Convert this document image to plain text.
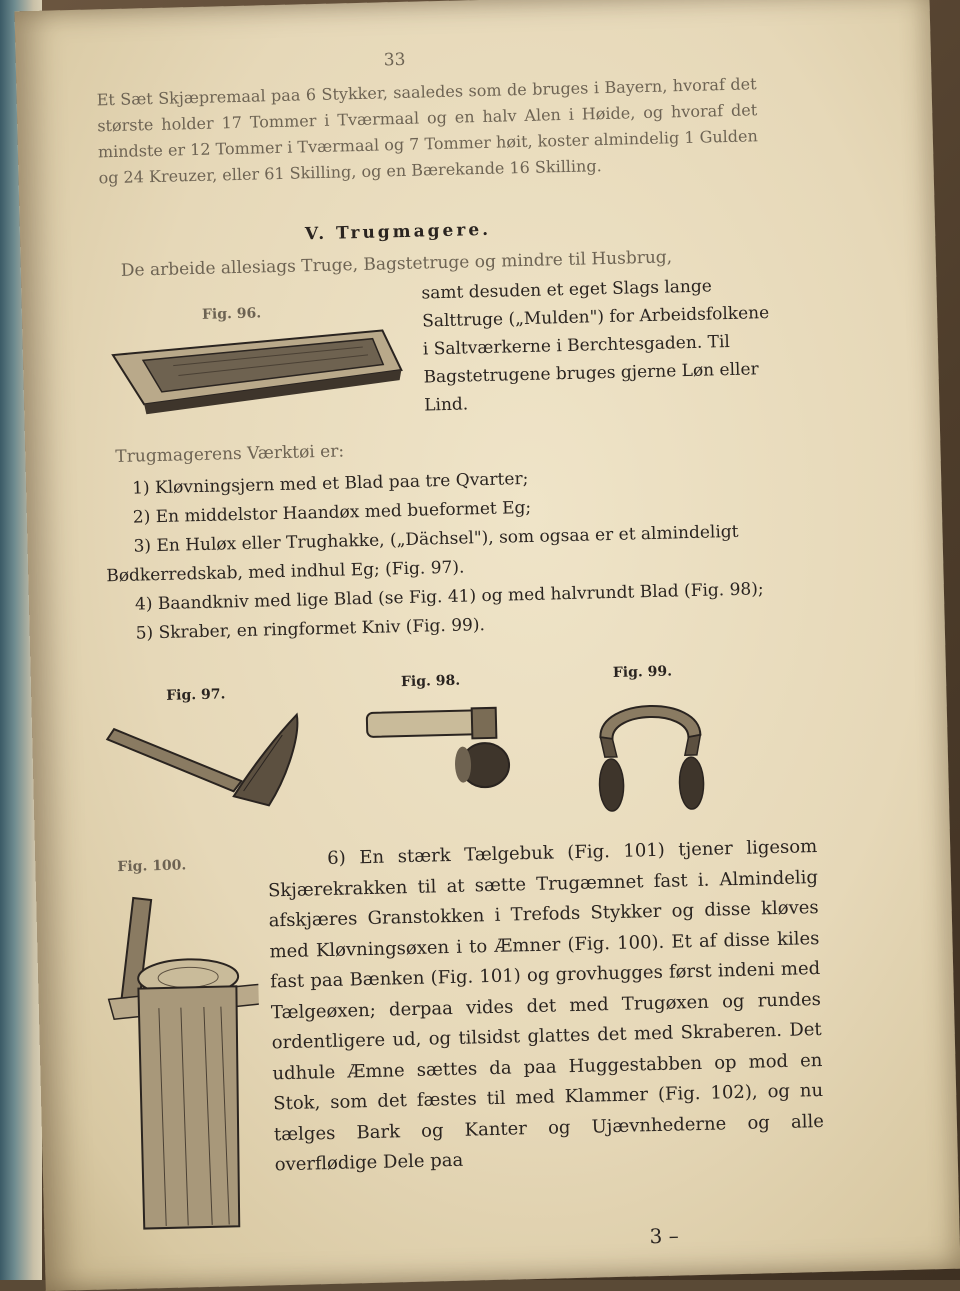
33
Et Sæt Skjæpremaal paa 6 Stykker, saaledes som de bruges i Bayern, hvoraf det største holder 17 Tommer i Tværmaal og en halv Alen i Høide, og hvoraf det mindste er 12 Tommer i Tværmaal og 7 Tommer høit, koster almindelig 1 Gulden og 24 Kreuzer, eller 61 Skilling, og en Bærekande 16 Skilling.
V. Trugmagere.
De arbeide allesiags Truge, Bagstetruge og mindre til Husbrug,
samt desuden et eget Slags lange Salttruge („Mulden") for Arbeidsfolkene i Saltværkerne i Berchtesgaden. Til Bagstetrugene bruges gjerne Løn eller Lind.
Fig. 96.
Trugmagerens Værktøi er:
1) Kløvningsjern med et Blad paa tre Qvarter;
2) En middelstor Haandøx med bueformet Eg;
3) En Huløx eller Trughakke, („Dächsel"), som ogsaa er et almindeligt Bødkerredskab, med indhul Eg; (Fig. 97).
4) Baandkniv med lige Blad (se Fig. 41) og med halvrundt Blad (Fig. 98);
5) Skraber, en ringformet Kniv (Fig. 99).
Fig. 97.
Fig. 98.
Fig. 99.
Fig. 100.	6) En stærk Tælgebuk (Fig. 101) tjener ligesom Skjærekrakken til at sætte Trugæmnet fast i. Almindelig afskjæres Granstokken i Trefods Stykker og disse kløves med Kløvningsøxen i to Æmner (Fig. 100). Et af disse kiles fast paa Bænken (Fig. 101) og grovhugges først indeni med Tælgeøxen; derpaa vides det med Trugøxen og rundes ordentligere ud, og tilsidst glattes det med Skraberen. Det udhule Æmne sættes da paa Huggestabben op mod en Stok, som det fæstes til med Klammer (Fig. 102), og nu tælges Bark og Kanter og Ujævnhederne og alle overflødige Dele paa
3 –
